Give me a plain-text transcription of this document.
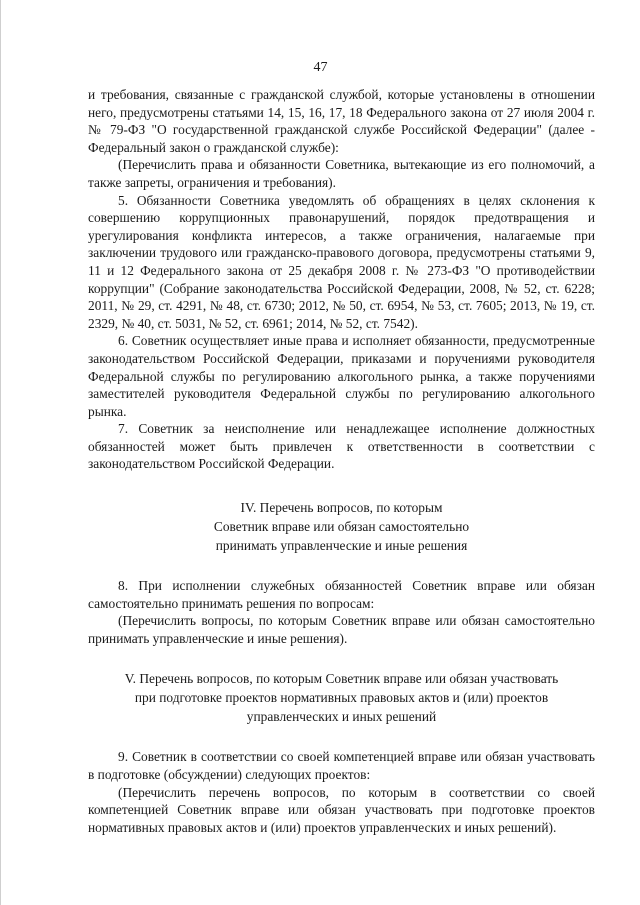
47

и требования, связанные с гражданской службой, которые установлены в отношении него, предусмотрены статьями 14, 15, 16, 17, 18 Федерального закона от 27 июля 2004 г. № 79-ФЗ "О государственной гражданской службе Российской Федерации" (далее - Федеральный закон о гражданской службе):

(Перечислить права и обязанности Советника, вытекающие из его полномочий, а также запреты, ограничения и требования).

5. Обязанности Советника уведомлять об обращениях в целях склонения к совершению коррупционных правонарушений, порядок предотвращения и урегулирования конфликта интересов, а также ограничения, налагаемые при заключении трудового или гражданско-правового договора, предусмотрены статьями 9, 11 и 12 Федерального закона от 25 декабря 2008 г. № 273-ФЗ "О противодействии коррупции" (Собрание законодательства Российской Федерации, 2008, № 52, ст. 6228; 2011, № 29, ст. 4291, № 48, ст. 6730; 2012, № 50, ст. 6954, № 53, ст. 7605; 2013, № 19, ст. 2329, № 40, ст. 5031, № 52, ст. 6961; 2014, № 52, ст. 7542).

6. Советник осуществляет иные права и исполняет обязанности, предусмотренные законодательством Российской Федерации, приказами и поручениями руководителя Федеральной службы по регулированию алкогольного рынка, а также поручениями заместителей руководителя Федеральной службы по регулированию алкогольного рынка.

7. Советник за неисполнение или ненадлежащее исполнение должностных обязанностей может быть привлечен к ответственности в соответствии с законодательством Российской Федерации.

IV. Перечень вопросов, по которым
Советник вправе или обязан самостоятельно
принимать управленческие и иные решения

8. При исполнении служебных обязанностей Советник вправе или обязан самостоятельно принимать решения по вопросам:

(Перечислить вопросы, по которым Советник вправе или обязан самостоятельно принимать управленческие и иные решения).

V. Перечень вопросов, по которым Советник вправе или обязан участвовать
при подготовке проектов нормативных правовых актов и (или) проектов
управленческих и иных решений

9. Советник в соответствии со своей компетенцией вправе или обязан участвовать в подготовке (обсуждении) следующих проектов:

(Перечислить перечень вопросов, по которым в соответствии со своей компетенцией Советник вправе или обязан участвовать при подготовке проектов нормативных правовых актов и (или) проектов управленческих и иных решений).
